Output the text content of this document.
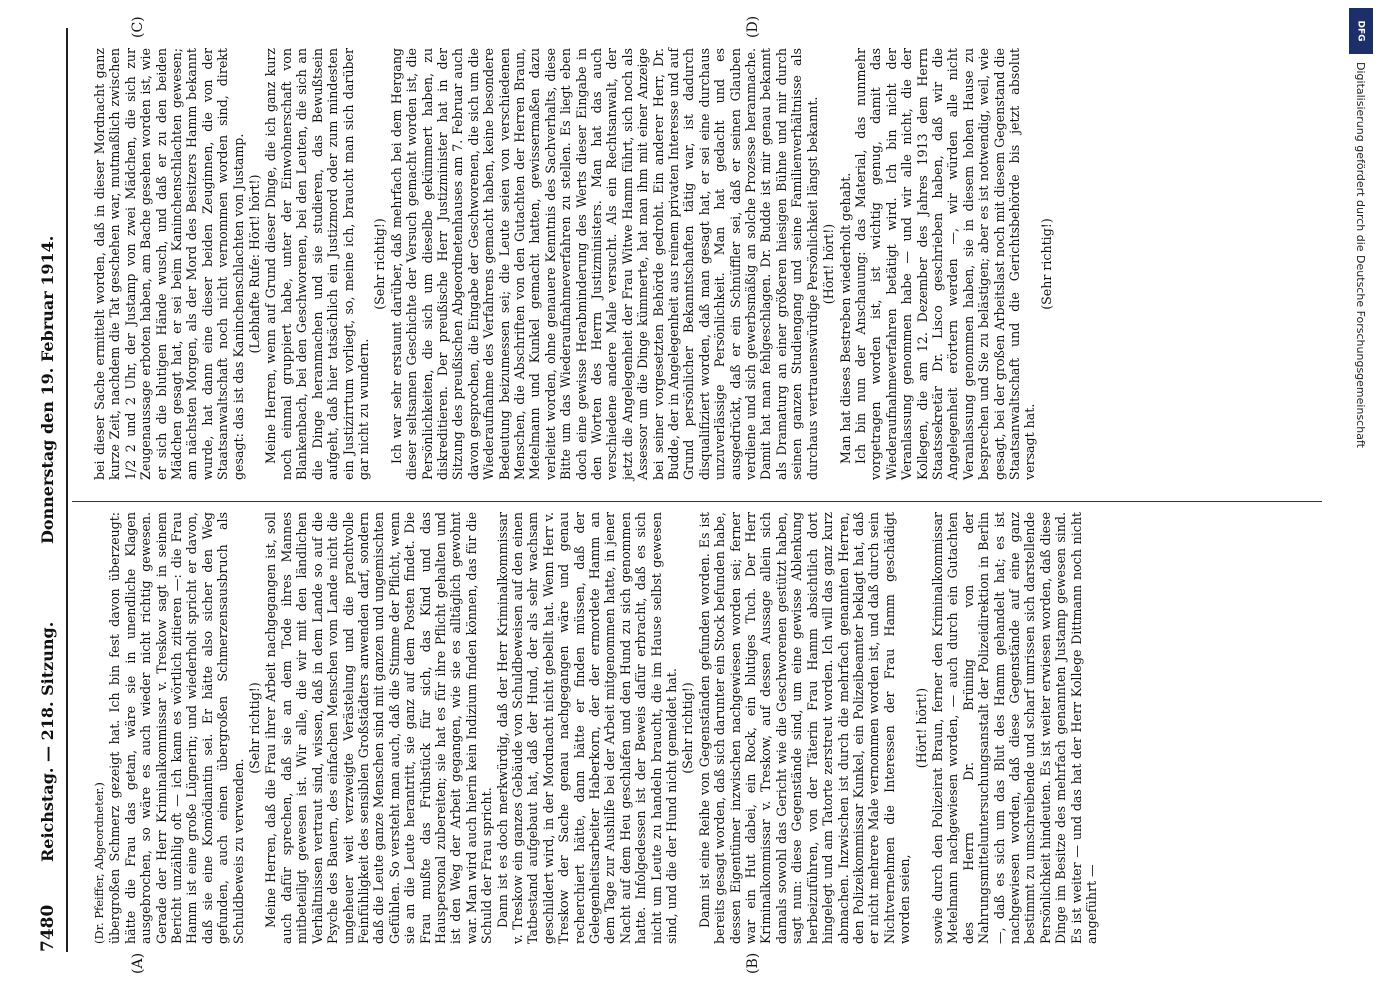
7480
Reichstag. — 218. Sitzung.
Donnerstag den 19. Februar 1914.
(A)	(B)
(C)	(D)

(Dr. Pfeiffer, Abgeordneter.) übergroßen Schmerz gezeigt hat. Ich bin fest davon überzeugt: hätte die Frau das getan, wäre sie in unendliche Klagen ausgebrochen, so wäre es auch wieder nicht richtig gewesen. Gerade der Herr Kriminalkommissar v. Treskow sagt in seinem Bericht unzählig oft — ich kann es wörtlich zitieren —: die Frau Hamm ist eine große Lügnerin; und wiederholt spricht er davon, daß sie eine Komödiantin sei. Er hätte also sicher den Weg gefunden, auch einen übergroßen Schmerzensausbruch als Schuldbeweis zu verwenden.

(Sehr richtig!) Meine Herren, daß die Frau ihrer Arbeit nachgegangen ist, soll auch dafür sprechen, daß sie an dem Tode ihres Mannes mitbeteiligt gewesen ist. Wir alle, die wir mit den ländlichen Verhältnissen vertraut sind, wissen, daß in dem Lande so auf die Psyche des Bauern, des einfachen Menschen vom Lande nicht die ungeheuer weit verzweigte Verästelung und die prachtvolle Feinfühligkeit des sensiblen Großstädters anwenden darf, sondern daß die Leute ganze Menschen sind mit ganzen und ungemischten Gefühlen. So versteht man auch, daß die Stimme der Pflicht, wenn sie an die Leute herantritt, sie ganz auf dem Posten findet. Die Frau mußte das Frühstück für sich, das Kind und das Hauspersonal zubereiten; sie hat es für ihre Pflicht gehalten und ist den Weg der Arbeit gegangen, wie sie es alltäglich gewohnt war. Man wird auch hierin kein Indizium finden können, das für die Schuld der Frau spricht. Dann ist es doch merkwürdig, daß der Herr Kriminalkommissar v. Treskow ein ganzes Gebäude von Schuldbeweisen auf den einen Tatbestand aufgebaut hat, daß der Hund, der als sehr wachsam geschildert wird, in der Mordnacht nicht gebellt hat. Wenn Herr v. Treskow der Sache genau nachgegangen wäre und genau recherchiert hätte, dann hätte er finden müssen, daß der Gelegenheitsarbeiter Haberkorn, der der ermordete Hamm an dem Tage zur Aushilfe bei der Arbeit mitgenommen hatte, in jener Nacht auf dem Heu geschlafen und den Hund zu sich genommen hatte. Infolgedessen ist der Beweis dafür erbracht, daß es sich nicht um Leute zu handeln braucht, die im Hause selbst gewesen sind, und die der Hund nicht gemeldet hat. (Sehr richtig!) Dann ist eine Reihe von Gegenständen gefunden worden. Es ist bereits gesagt worden, daß sich darunter ein Stock befunden habe, dessen Eigentümer inzwischen nachgewiesen worden sei; ferner war ein Hut dabei, ein Rock, ein blutiges Tuch. Der Herr Kriminalkommissar v. Treskow, auf dessen Aussage allein sich damals sowohl das Gericht wie die Geschworenen gestützt haben, sagt nun: diese Gegenstände sind, um eine gewisse Ablenkung herbeizuführen, von der Täterin Frau Hamm absichtlich dort hingelegt und am Tatorte zerstreut worden. Ich will das ganz kurz abmachen. Inzwischen ist durch die mehrfach genannten Herren, den Polizeikommissar Kunkel, ein Polizeibeamter beklagt hat, daß er nicht mehrere Male vernommen worden ist, und daß durch sein Nichtvernehmen die Interessen der Frau Hamm geschädigt worden seien,

(Hört! hört!) sowie durch den Polizeirat Braun, ferner den Kriminalkommissar Metelmann nachgewiesen worden, — auch durch ein Gutachten des Herrn Dr. Brüning von der Nahrungsmitteluntersuchungsanstalt der Polizeidirektion in Berlin —, daß es sich um das Blut des Hamm gehandelt hat; es ist nachgewiesen worden, daß diese Gegenstände auf eine ganz bestimmt zu umschreibende und scharf umrissen sich darstellende Persönlichkeit hindeuten. Es ist weiter erwiesen worden, daß diese Dinge im Besitze des mehrfach genannten Justamp gewesen sind. Es ist weiter — und das hat der Herr Kollege Dittmann noch nicht angeführt —

bei dieser Sache ermittelt worden, daß in dieser Mordnacht ganz kurze Zeit, nachdem die Tat geschehen war, mutmaßlich zwischen 1/2 2 und 2 Uhr, der Justamp von zwei Mädchen, die sich zur Zeugenaussage erboten haben, am Bache gesehen worden ist, wie er sich die blutigen Hände wusch, und daß er zu den beiden Mädchen gesagt hat, er sei beim Kaninchenschlachten gewesen; am nächsten Morgen, als der Mord des Besitzers Hamm bekannt wurde, hat dann eine dieser beiden Zeuginnen, die von der Staatsanwaltschaft noch nicht vernommen worden sind, direkt gesagt: das ist das Kaninchenschlachten von Justamp. (Lebhafte Rufe: Hört! hört!) Meine Herren, wenn auf Grund dieser Dinge, die ich ganz kurz noch einmal gruppiert habe, unter der Einwohnerschaft von Blankenbach, bei den Geschworenen, bei den Leuten, die sich an die Dinge heranmachen und sie studieren, das Bewußtsein aufgeht, daß hier tatsächlich ein Justizmord oder zum mindesten ein Justizirrtum vorliegt, so, meine ich, braucht man sich darüber gar nicht zu wundern.

(Sehr richtig!) Ich war sehr erstaunt darüber, daß mehrfach bei dem Hergang dieser seltsamen Geschichte der Versuch gemacht worden ist, die Persönlichkeiten, die sich um dieselbe gekümmert haben, zu diskreditieren. Der preußische Herr Justizminister hat in der Sitzung des preußischen Abgeordnetenhauses am 7. Februar auch davon gesprochen, die Eingabe der Geschworenen, die sich um die Wiederaufnahme des Verfahrens gemacht haben, keine besondere Bedeutung beizumessen sei; die Leute seien von verschiedenen Menschen, die Abschriften von den Gutachten der Herren Braun, Metelmann und Kunkel gemacht hatten, gewissermaßen dazu verleitet worden, ohne genauere Kenntnis des Sachverhalts, diese Bitte um das Wiederaufnahmeverfahren zu stellen. Es liegt eben doch eine gewisse Herabminderung des Werts dieser Eingabe in den Worten des Herrn Justizministers. Man hat das auch verschiedene andere Male versucht. Als ein Rechtsanwalt, der jetzt die Angelegenheit der Frau Witwe Hamm führt, sich noch als Assessor um die Dinge kümmerte, hat man ihm mit einer Anzeige bei seiner vorgesetzten Behörde gedroht. Ein anderer Herr, Dr. Budde, der in Angelegenheit aus reinem privaten Interesse und auf Grund persönlicher Bekanntschaften tätig war, ist dadurch disqualifiziert worden, daß man gesagt hat, er sei eine durchaus unzuverlässige Persönlichkeit. Man hat gedacht und es ausgedrückt, daß er ein Schnüffler sei, daß er seinen Glauben verdiene und sich gewerbsmäßig an solche Prozesse heranmache. Damit hat man fehlgeschlagen. Dr. Budde ist mir genau bekannt als Dramaturg an einer größeren hiesigen Bühne und mir durch seinen ganzen Studiengang und seine Familienverhältnisse als durchaus vertrauenswürdige Persönlichkeit längst bekannt. (Hört! hört!) Man hat dieses Bestreben wiederholt gehabt. Ich bin nun der Anschauung: das Material, das nunmehr vorgetragen worden ist, ist wichtig genug, damit das Wiederaufnahmeverfahren betätigt wird. Ich bin nicht der Veranlassung genommen habe — und wir alle nicht, die der Kollegen, die am 12. Dezember des Jahres 1913 dem Herrn Staatssekretär Dr. Lisco geschrieben haben, daß wir die Angelegenheit erörtern werden —, wir würden alle nicht Veranlassung genommen haben, sie in diesem hohen Hause zu besprechen und Sie zu belästigen; aber es ist notwendig, weil, wie gesagt, bei der großen Arbeitslast noch mit diesem Gegenstand die Staatsanwaltschaft und die Gerichtsbehörde bis jetzt absolut versagt hat.

(Sehr richtig!)

DFG
Digitalisierung gefördert durch die Deutsche Forschungsgemeinschaft
